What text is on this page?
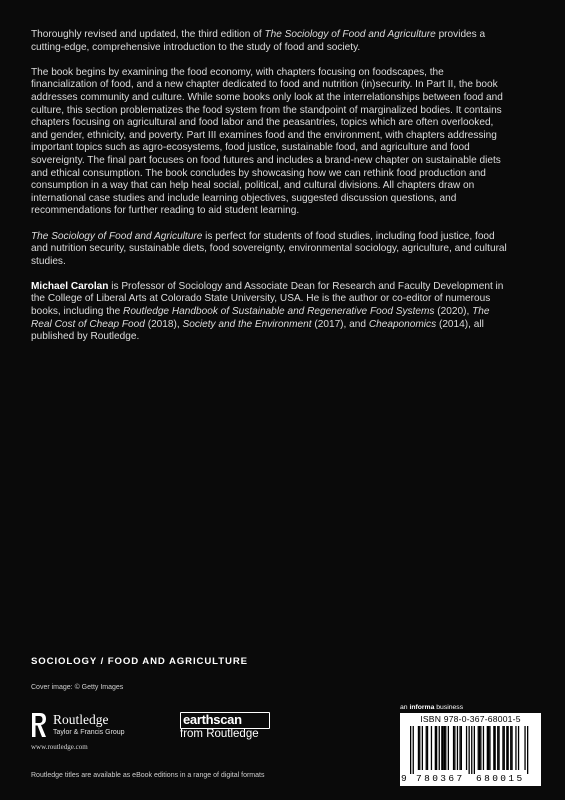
Thoroughly revised and updated, the third edition of The Sociology of Food and Agriculture provides a cutting-edge, comprehensive introduction to the study of food and society.

The book begins by examining the food economy, with chapters focusing on foodscapes, the financialization of food, and a new chapter dedicated to food and nutrition (in)security. In Part II, the book addresses community and culture. While some books only look at the interrelationships between food and culture, this section problematizes the food system from the standpoint of marginalized bodies. It contains chapters focusing on agricultural and food labor and the peasantries, topics which are often overlooked, and gender, ethnicity, and poverty. Part III examines food and the environment, with chapters addressing important topics such as agro-ecosystems, food justice, sustainable food, and agriculture and food sovereignty. The final part focuses on food futures and includes a brand-new chapter on sustainable diets and ethical consumption. The book concludes by showcasing how we can rethink food production and consumption in a way that can help heal social, political, and cultural divisions. All chapters draw on international case studies and include learning objectives, suggested discussion questions, and recommendations for further reading to aid student learning.

The Sociology of Food and Agriculture is perfect for students of food studies, including food justice, food and nutrition security, sustainable diets, food sovereignty, environmental sociology, agriculture, and cultural studies.

Michael Carolan is Professor of Sociology and Associate Dean for Research and Faculty Development in the College of Liberal Arts at Colorado State University, USA. He is the author or co-editor of numerous books, including the Routledge Handbook of Sustainable and Regenerative Food Systems (2020), The Real Cost of Cheap Food (2018), Society and the Environment (2017), and Cheaponomics (2014), all published by Routledge.

SOCIOLOGY / FOOD AND AGRICULTURE
Cover image: © Getty Images
Routledge
Taylor & Francis Group
www.routledge.com
earthscan
from Routledge
an informa business
ISBN 978-0-367-68001-5
9 780367 680015
Routledge titles are available as eBook editions in a range of digital formats
